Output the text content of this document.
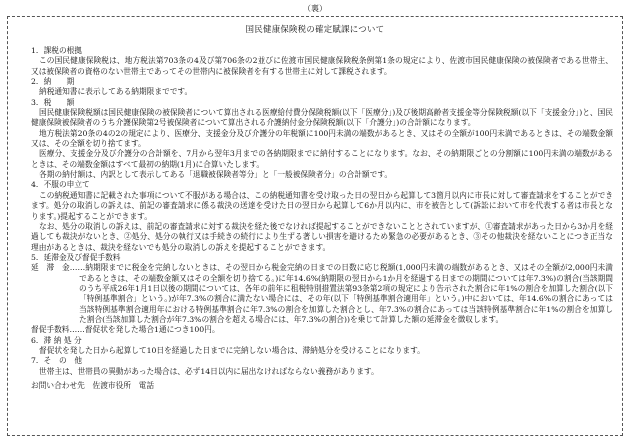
（裏）
国民健康保険税の確定賦課について

1．課税の根拠

この国民健康保険税は、地方税法第703条の4及び第706条の2並びに佐渡市国民健康保険税条例第1条の規定により、佐渡市国民健康保険の被保険者である世帯主、又は被保険者の資格のない世帯主であってその世帯内に被保険者を有する世帯主に対して課税されます。

2．納　　期

納税通知書に表示してある納期限までです。

3．税　　額

国民健康保険税額は国民健康保険の被保険者について算出される医療給付費分保険税額(以下「医療分」)及び後期高齢者支援金等分保険税額(以下「支援金分」)と、国民健康保険被保険者のうち介護保険第2号被保険者について算出される介護納付金分保険税額(以下「介護分」)の合計額になります。

地方税法第20条の4の2の規定により、医療分、支援金分及び介護分の年税額に100円未満の端数があるとき、又はその全額が100円未満であるときは、その端数金額又は、その全額を切り捨てます。

医療分、支援金分及び介護分の合計額を、7月から翌年3月までの各納期限までに納付することになります。なお、その納期限ごとの分割額に100円未満の端数があるときは、その端数金額はすべて最初の納期(1月)に合算いたします。

各期の納付額は、内訳として表示してある「退職被保険者等分」と「一般被保険者分」の合計額です。

4．不服の申立て

この納税通知書に記載された事項について不服がある場合は、この納税通知書を受け取った日の翌日から起算して3箇月以内に市長に対して審査請求をすることができます。処分の取消しの訴えは、前記の審査請求に係る裁決の送達を受けた日の翌日から起算して6か月以内に、市を被告として(訴訟において市を代表する者は市長となります。)提起することができます。

なお、処分の取消しの訴えは、前記の審査請求に対する裁決を経た後でなければ提起することができないこととされていますが、①審査請求があった日から3か月を経過しても裁決がないとき、②処分、処分の執行又は手続きの続行により生ずる著しい損害を避けるため緊急の必要があるとき、③その他裁決を経ないことにつき正当な理由があるときは、裁決を経ないでも処分の取消しの訴えを提起することができます。

5．延滞金及び督促手数料

延　滞　金……納期限までに税金を完納しないときは、その翌日から税金完納の日までの日数に応じ税額(1,000円未満の端数があるとき、又はその全額が2,000円未満であるときは、その端数金額又はその全額を切り捨てる。)に年14.6%(納期限の翌日から1か月を経過する日までの期間については年7.3%)の割合(当該期間のうち平成26年1月1日以後の期間については、各年の前年に租税特別措置法第93条第2項の規定により告示された割合に年1%の割合を加算した割合(以下「特例基準割合」という。)が年7.3%の割合に満たない場合には、その年(以下「特例基準割合適用年」という。)中においては、年14.6%の割合にあっては当該特例基準割合適用年における特例基準割合に年7.3%の割合を加算した割合とし、年7.3%の割合にあっては当該特例基準割合に年1%の割合を加算した割合(当該加算した割合が年7.3%の割合を超える場合には、年7.3%の割合))を乗じて計算した額の延滞金を徴収します。

督促手数料……督促状を発した場合1通につき100円。

6．滞 納 処 分

督促状を発した日から起算して10日を経過した日までに完納しない場合は、滞納処分を受けることになります。

7．そ　の　他

世帯主は、世帯員の異動があった場合は、必ず14日以内に届出なければならない義務があります。

お問い合わせ先　佐渡市役所　電話
